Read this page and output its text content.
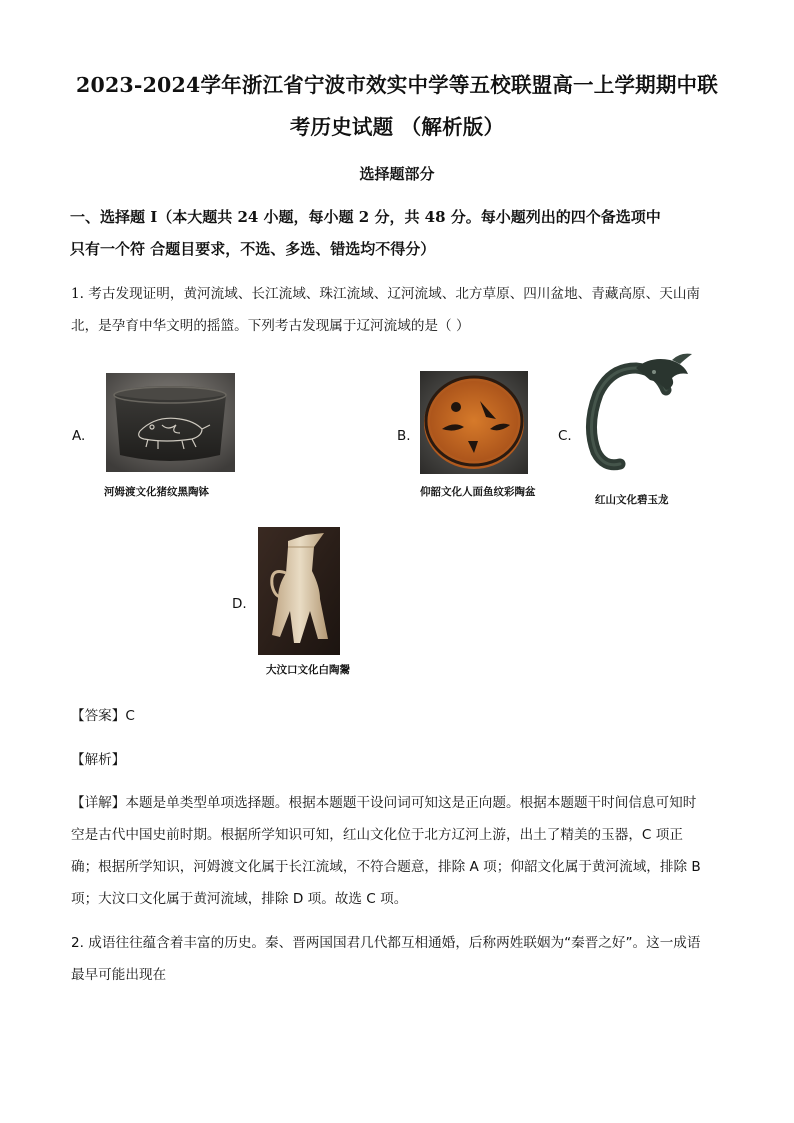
2023-2024学年浙江省宁波市效实中学等五校联盟高一上学期期中联
考历史试题 （解析版）
选择题部分
一、选择题 I（本大题共 24 小题，每小题 2 分，共 48 分。每小题列出的四个备选项中
只有一个符 合题目要求，不选、多选、错选均不得分）
1. 考古发现证明，黄河流域、长江流域、珠江流域、辽河流域、北方草原、四川盆地、青藏高原、天山南
北，是孕育中华文明的摇篮。下列考古发现属于辽河流域的是（ ）
A.
河姆渡文化猪纹黑陶钵
B.
仰韶文化人面鱼纹彩陶盆
C.
红山文化碧玉龙
D.
大汶口文化白陶鬶
【答案】C
【解析】
【详解】本题是单类型单项选择题。根据本题题干设问词可知这是正向题。根据本题题干时间信息可知时
空是古代中国史前时期。根据所学知识可知，红山文化位于北方辽河上游，出土了精美的玉器，C 项正
确；根据所学知识，河姆渡文化属于长江流域，不符合题意，排除 A 项；仰韶文化属于黄河流域，排除 B
项；大汶口文化属于黄河流域，排除 D 项。故选 C 项。
2. 成语往往蕴含着丰富的历史。秦、晋两国国君几代都互相通婚，后称两姓联姻为“秦晋之好”。这一成语
最早可能出现在
